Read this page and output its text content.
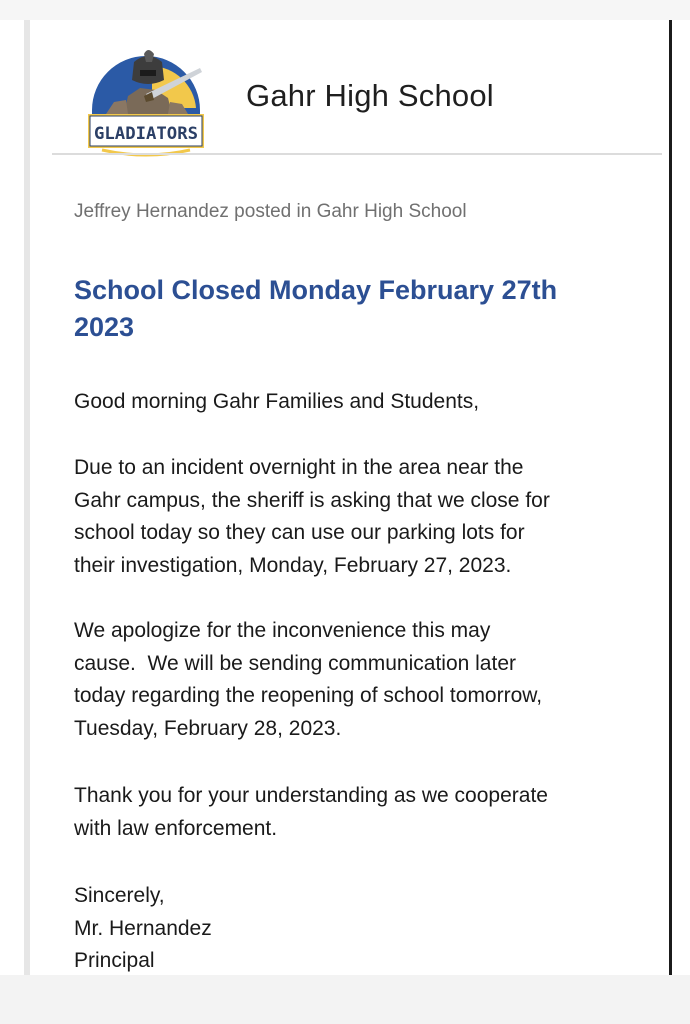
GLADIATORS
Gahr High School
Jeffrey Hernandez posted in Gahr High School
School Closed Monday February 27th
2023
Good morning Gahr Families and Students,
Due to an incident overnight in the area near the
Gahr campus, the sheriff is asking that we close for
school today so they can use our parking lots for
their investigation, Monday, February 27, 2023.
We apologize for the inconvenience this may
cause.  We will be sending communication later
today regarding the reopening of school tomorrow,
Tuesday, February 28, 2023.
Thank you for your understanding as we cooperate
with law enforcement.
Sincerely,
Mr. Hernandez
Principal
